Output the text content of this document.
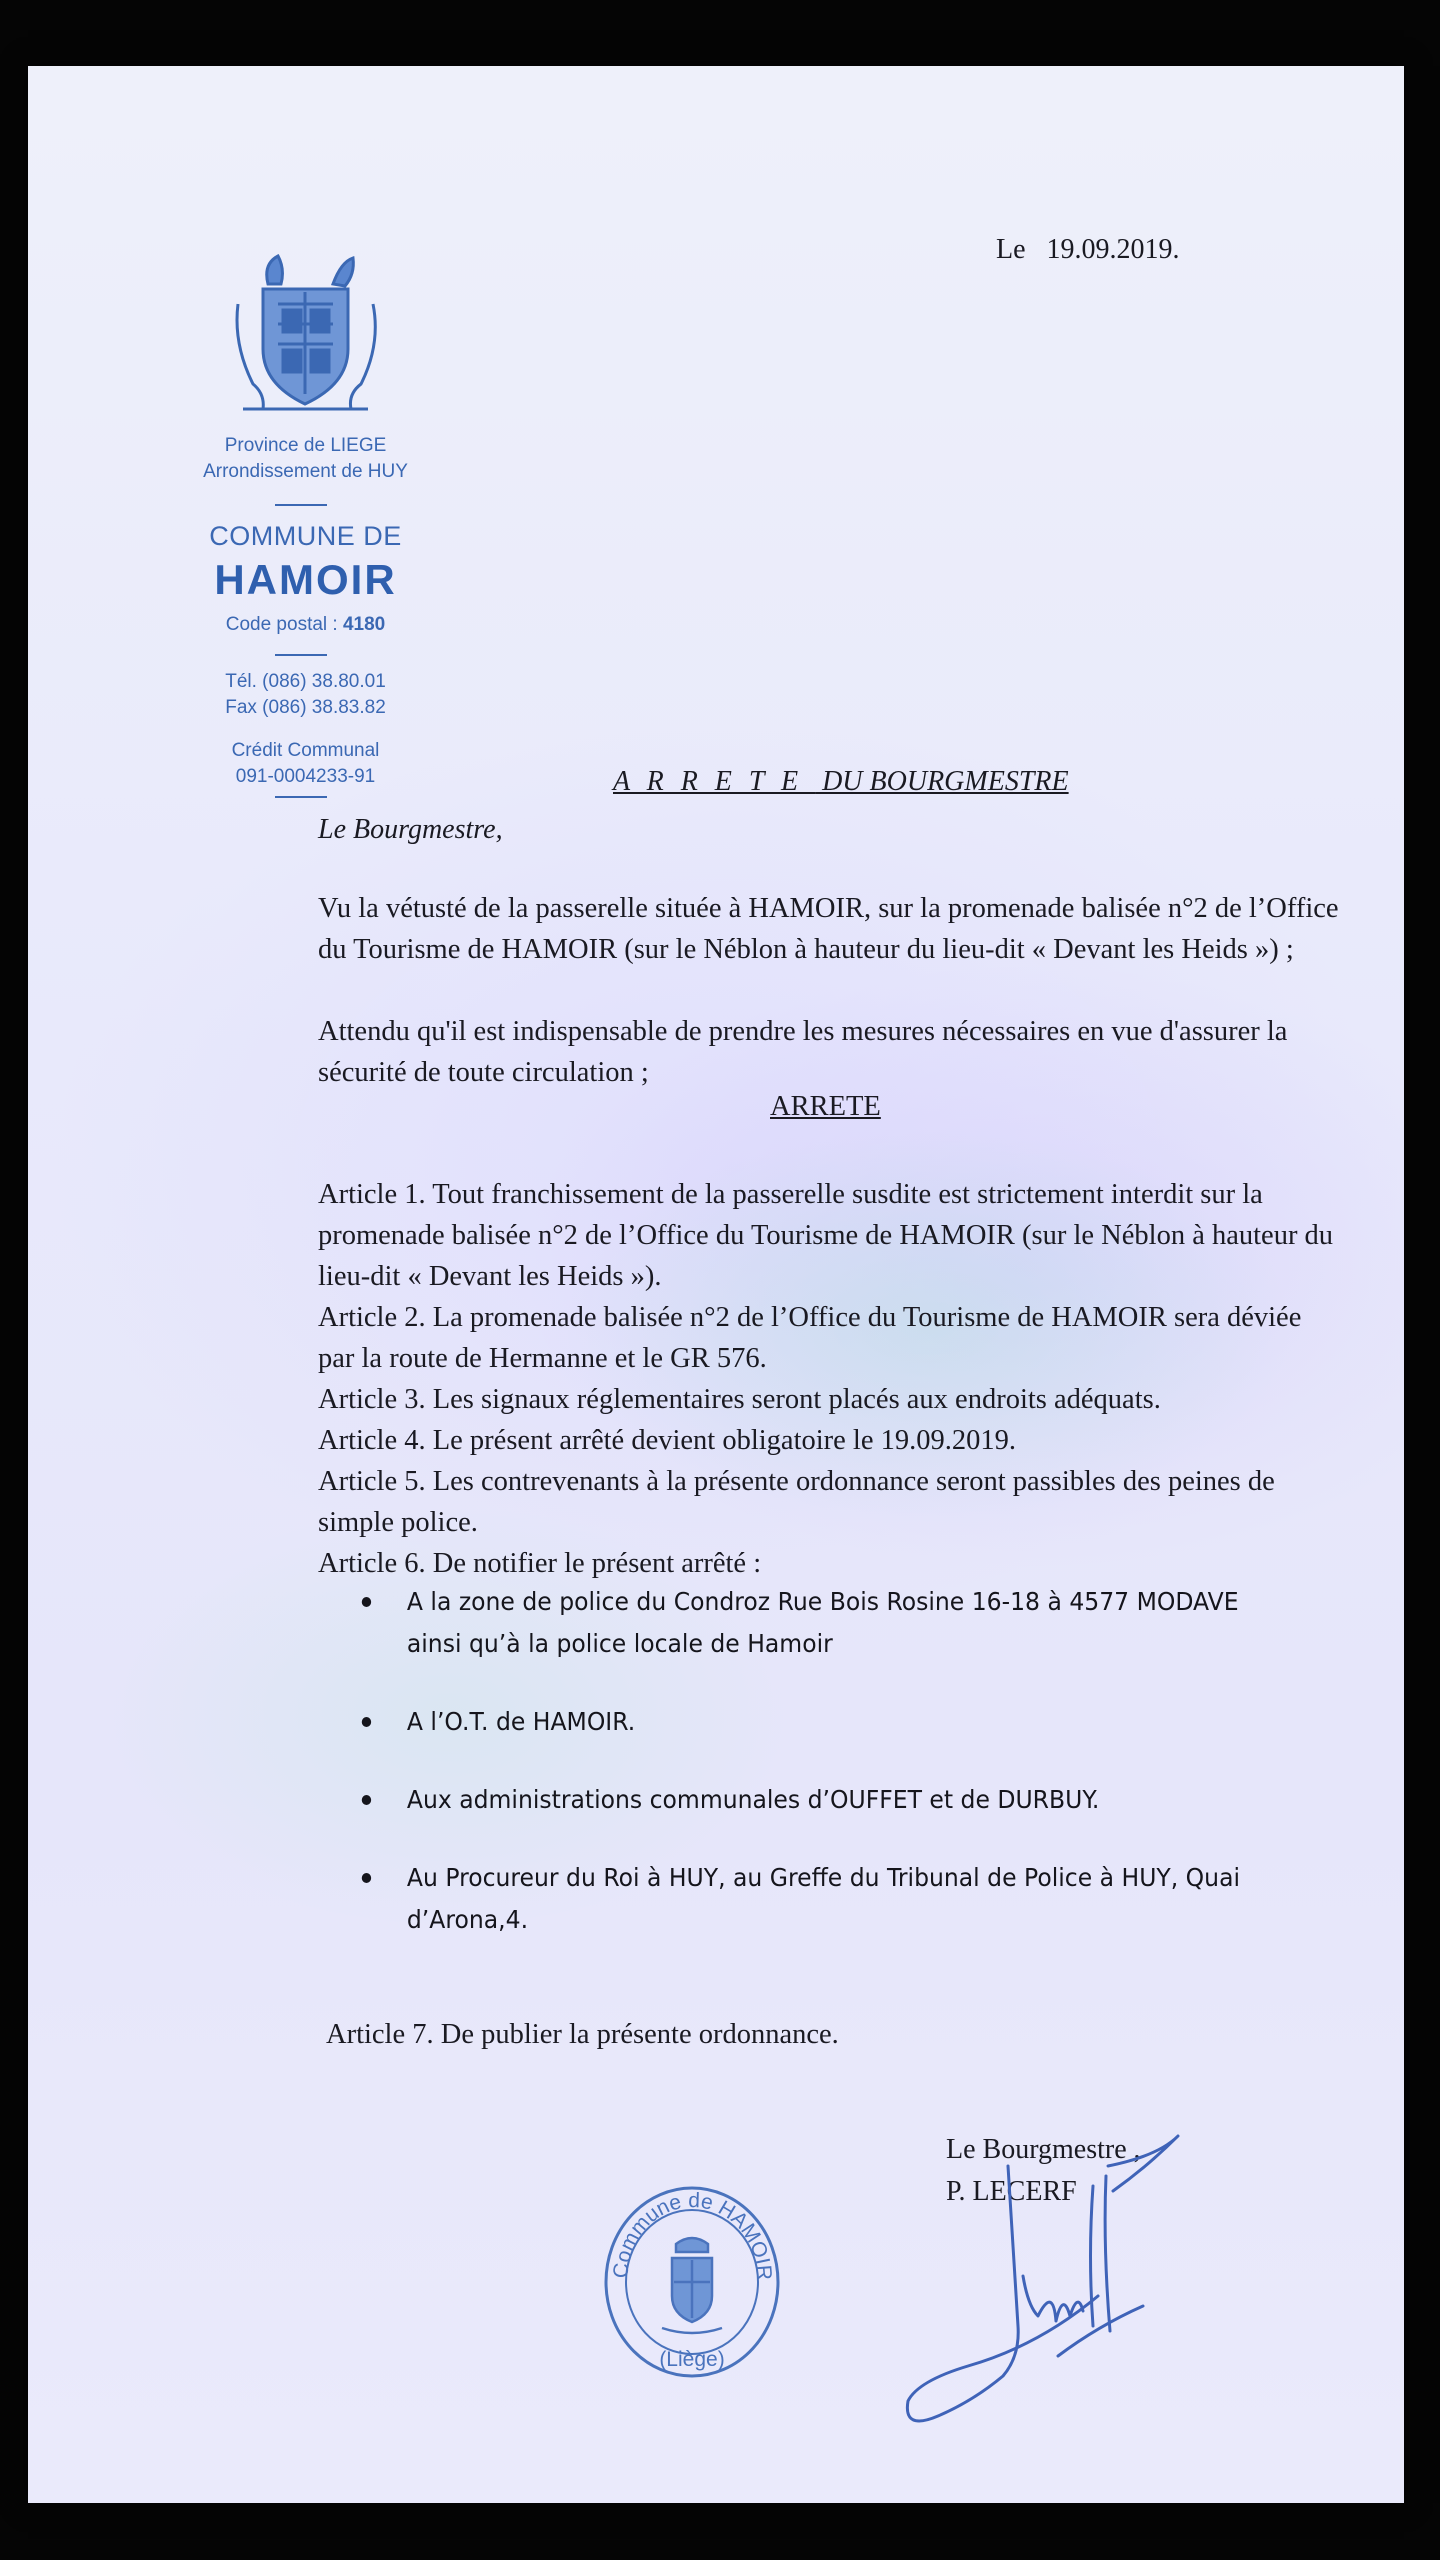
Province de LIEGE
Arrondissement de HUY
COMMUNE DE
HAMOIR
Code postal : 4180
Tél. (086) 38.80.01
Fax (086) 38.83.82
Crédit Communal
091-0004233-91
Le   19.09.2019.
A R R E T E  DU BOURGMESTRE
Le Bourgmestre,
Vu la vétusté de la passerelle située à HAMOIR, sur la promenade balisée n°2 de l’Office du Tourisme de HAMOIR (sur le Néblon à hauteur du lieu-dit « Devant les Heids ») ;
Attendu qu'il est indispensable de prendre les mesures nécessaires en vue d'assurer la sécurité de toute circulation ;
ARRETE

Article 1. Tout franchissement de la passerelle susdite est strictement interdit sur la promenade balisée n°2 de l’Office du Tourisme de HAMOIR (sur le Néblon à hauteur du lieu-dit « Devant les Heids »).

Article 2. La promenade balisée n°2 de l’Office du Tourisme de HAMOIR sera déviée par la route de Hermanne et le GR 576.

Article 3. Les signaux réglementaires seront placés aux endroits adéquats.

Article 4. Le présent arrêté devient obligatoire le 19.09.2019.

Article 5. Les contrevenants à la présente ordonnance seront passibles des peines de simple police.

Article 6. De notifier le présent arrêté :

A la zone de police du Condroz Rue Bois Rosine 16-18 à 4577 MODAVE ainsi qu’à la police locale de Hamoir
A l’O.T. de HAMOIR.
Aux administrations communales d’OUFFET et de DURBUY.
Au Procureur du Roi à HUY, au Greffe du Tribunal de Police à HUY, Quai d’Arona,4.
Article 7. De publier la présente ordonnance.
Le Bourgmestre ,
P. LECERF
Commune de HAMOIR
(Liège)
